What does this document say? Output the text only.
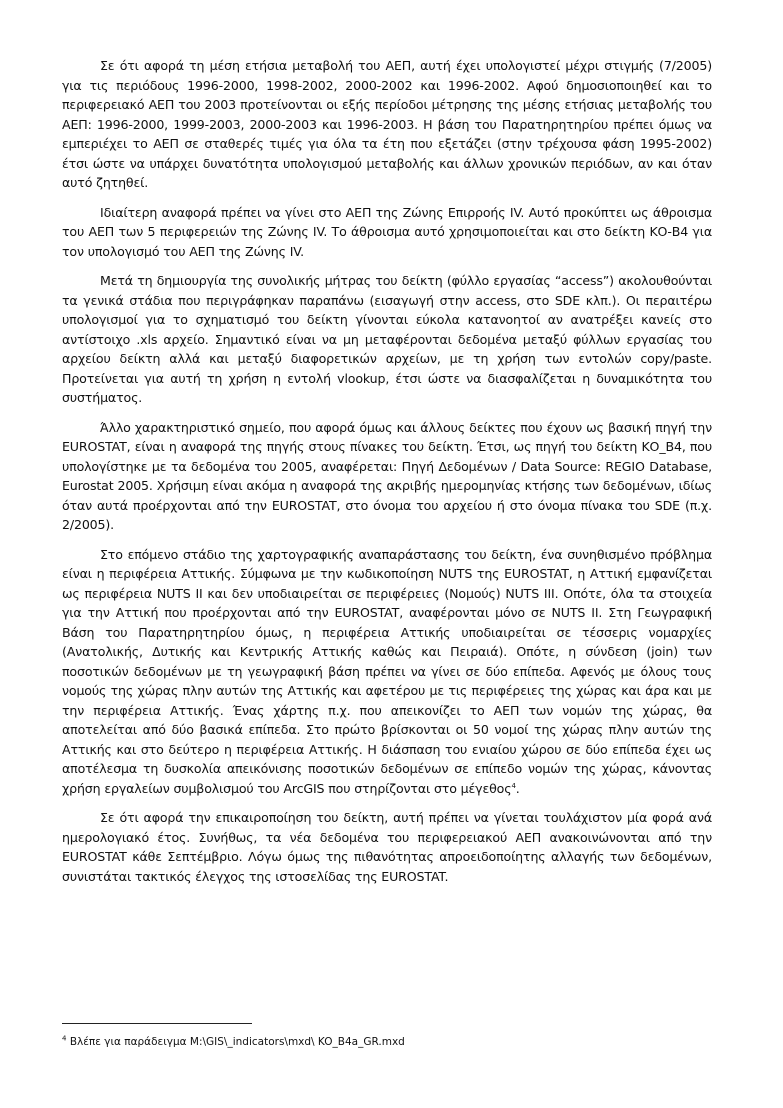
Σε ότι αφορά τη μέση ετήσια μεταβολή του ΑΕΠ, αυτή έχει υπολογιστεί μέχρι στιγμής (7/2005) για τις περιόδους 1996-2000, 1998-2002, 2000-2002 και 1996-2002. Αφού δημοσιοποιηθεί και το περιφερειακό ΑΕΠ του 2003 προτείνονται οι εξής περίοδοι μέτρησης της μέσης ετήσιας μεταβολής του ΑΕΠ: 1996-2000, 1999-2003, 2000-2003 και 1996-2003. Η βάση του Παρατηρητηρίου πρέπει όμως να εμπεριέχει το ΑΕΠ σε σταθερές τιμές για όλα τα έτη που εξετάζει (στην τρέχουσα φάση 1995-2002) έτσι ώστε να υπάρχει δυνατότητα υπολογισμού μεταβολής και άλλων χρονικών περιόδων, αν και όταν αυτό ζητηθεί.

Ιδιαίτερη αναφορά πρέπει να γίνει στο ΑΕΠ της Ζώνης Επιρροής IV. Αυτό προκύπτει ως άθροισμα του ΑΕΠ των 5 περιφερειών της Ζώνης IV. Το άθροισμα αυτό χρησιμοποιείται και στο δείκτη ΚΟ-Β4 για τον υπολογισμό του ΑΕΠ της Ζώνης IV.

Μετά τη δημιουργία της συνολικής μήτρας του δείκτη (φύλλο εργασίας “access”) ακολουθούνται τα γενικά στάδια που περιγράφηκαν παραπάνω (εισαγωγή στην access, στο SDE κλπ.). Οι περαιτέρω υπολογισμοί για το σχηματισμό του δείκτη γίνονται εύκολα κατανοητοί αν ανατρέξει κανείς στο αντίστοιχο .xls αρχείο. Σημαντικό είναι να μη μεταφέρονται δεδομένα μεταξύ φύλλων εργασίας του αρχείου δείκτη αλλά και μεταξύ διαφορετικών αρχείων, με τη χρήση των εντολών copy/paste. Προτείνεται για αυτή τη χρήση η εντολή vlookup, έτσι ώστε να διασφαλίζεται η δυναμικότητα του συστήματος.

Άλλο χαρακτηριστικό σημείο, που αφορά όμως και άλλους δείκτες που έχουν ως βασική πηγή την EUROSTAT, είναι η αναφορά της πηγής στους πίνακες του δείκτη. Έτσι, ως πηγή του δείκτη ΚΟ_Β4, που υπολογίστηκε με τα δεδομένα του 2005, αναφέρεται: Πηγή Δεδομένων / Data Source: REGIO Database, Eurostat 2005. Χρήσιμη είναι ακόμα η αναφορά της ακριβής ημερομηνίας κτήσης των δεδομένων, ιδίως όταν αυτά προέρχονται από την EUROSTAT, στο όνομα του αρχείου ή στο όνομα πίνακα του SDE (π.χ. 2/2005).

Στο επόμενο στάδιο της χαρτογραφικής αναπαράστασης του δείκτη, ένα συνηθισμένο πρόβλημα είναι η περιφέρεια Αττικής. Σύμφωνα με την κωδικοποίηση NUTS της EUROSTAT, η Αττική εμφανίζεται ως περιφέρεια NUTS II και δεν υποδιαιρείται σε περιφέρειες (Νομούς) NUTS III. Οπότε, όλα τα στοιχεία για την Αττική που προέρχονται από την EUROSTAT, αναφέρονται μόνο σε NUTS II. Στη Γεωγραφική Βάση του Παρατηρητηρίου όμως, η περιφέρεια Αττικής υποδιαιρείται σε τέσσερις νομαρχίες (Ανατολικής, Δυτικής και Κεντρικής Αττικής καθώς και Πειραιά). Οπότε, η σύνδεση (join) των ποσοτικών δεδομένων με τη γεωγραφική βάση πρέπει να γίνει σε δύο επίπεδα. Αφενός με όλους τους νομούς της χώρας πλην αυτών της Αττικής και αφετέρου με τις περιφέρειες της χώρας και άρα και με την περιφέρεια Αττικής. Ένας χάρτης π.χ. που απεικονίζει το ΑΕΠ των νομών της χώρας, θα αποτελείται από δύο βασικά επίπεδα. Στο πρώτο βρίσκονται οι 50 νομοί της χώρας πλην αυτών της Αττικής και στο δεύτερο η περιφέρεια Αττικής. Η διάσπαση του ενιαίου χώρου σε δύο επίπεδα έχει ως αποτέλεσμα τη δυσκολία απεικόνισης ποσοτικών δεδομένων σε επίπεδο νομών της χώρας, κάνοντας χρήση εργαλείων συμβολισμού του ArcGIS που στηρίζονται στο μέγεθος$^4$.

Σε ότι αφορά την επικαιροποίηση του δείκτη, αυτή πρέπει να γίνεται τουλάχιστον μία φορά ανά ημερολογιακό έτος. Συνήθως, τα νέα δεδομένα του περιφερειακού ΑΕΠ ανακοινώνονται από την EUROSTAT κάθε Σεπτέμβριο. Λόγω όμως της πιθανότητας απροειδοποίητης αλλαγής των δεδομένων, συνιστάται τακτικός έλεγχος της ιστοσελίδας της EUROSTAT.

$^4$ Βλέπε για παράδειγμα M:\GIS\_indicators\mxd\ KO_B4a_GR.mxd
